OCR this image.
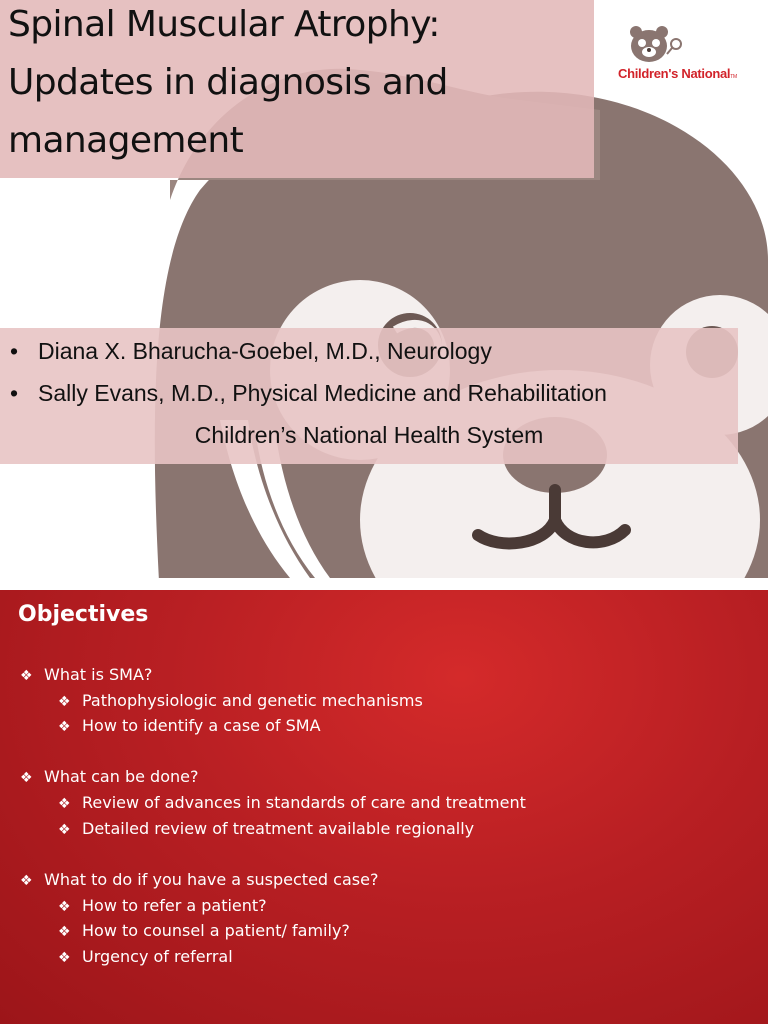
Spinal Muscular Atrophy:
Updates in diagnosis and
management
Children's NationalTM
• Diana X. Bharucha-Goebel, M.D., Neurology
• Sally Evans, M.D., Physical Medicine and Rehabilitation
Children’s National Health System
Objectives
❖ What is SMA?
❖ Pathophysiologic and genetic mechanisms
❖ How to identify a case of SMA
❖ What can be done?
❖ Review of advances in standards of care and treatment
❖ Detailed review of treatment available regionally
❖ What to do if you have a suspected case?
❖ How to refer a patient?
❖ How to counsel a patient/ family?
❖ Urgency of referral
